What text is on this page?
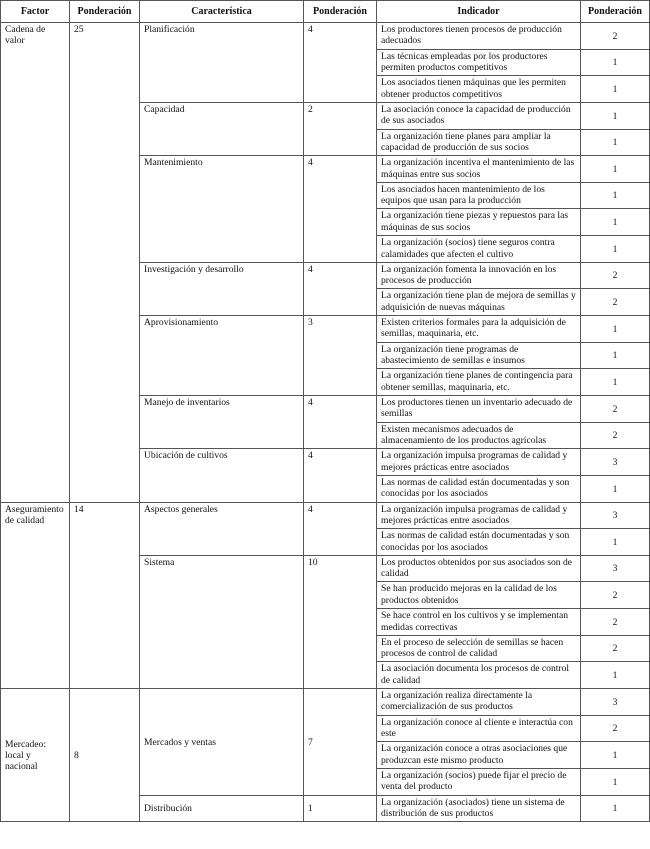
Factor	Ponderación	Característica	Ponderación	Indicador	Ponderación
Cadena de valor	25	Planificación	4	Los productores tienen procesos de producción adecuados	2
				Las técnicas empleadas por los productores permiten productos competitivos	1
				Los asociados tienen máquinas que les permiten obtener productos competitivos	1
		Capacidad	2	La asociación conoce la capacidad de producción de sus asociados	1
				La organización tiene planes para ampliar la capacidad de producción de sus socios	1
		Mantenimiento	4	La organización incentiva el mantenimiento de las máquinas entre sus socios	1
				Los asociados hacen mantenimiento de los equipos que usan para la producción	1
				La organización tiene piezas y repuestos para las máquinas de sus socios	1
				La organización (socios) tiene seguros contra calamidades que afecten el cultivo	1
		Investigación y desarrollo	4	La organización fomenta la innovación en los procesos de producción	2
				La organización tiene plan de mejora de semillas y adquisición de nuevas máquinas	2
		Aprovisionamiento	3	Existen criterios formales para la adquisición de semillas, maquinaria, etc.	1
				La organización tiene programas de abastecimiento de semillas e insumos	1
				La organización tiene planes de contingencia para obtener semillas, maquinaria, etc.	1
		Manejo de inventarios	4	Los productores tienen un inventario adecuado de semillas	2
				Existen mecanismos adecuados de almacenamiento de los productos agrícolas	2
		Ubicación de cultivos	4	La organización impulsa programas de calidad y mejores prácticas entre asociados	3
				Las normas de calidad están documentadas y son conocidas por los asociados	1
Aseguramiento de calidad	14	Aspectos generales	4	La organización impulsa programas de calidad y mejores prácticas entre asociados	3
				Las normas de calidad están documentadas y son conocidas por los asociados	1
		Sistema	10	Los productos obtenidos por sus asociados son de calidad	3
				Se han producido mejoras en la calidad de los productos obtenidos	2
				Se hace control en los cultivos y se implementan medidas correctivas	2
				En el proceso de selección de semillas se hacen procesos de control de calidad	2
				La asociación documenta los procesos de control de calidad	1
Mercadeo: local y nacional	8	Mercados y ventas	7	La organización realiza directamente la comercialización de sus productos	3
				La organización conoce al cliente e interactúa con este	2
				La organización conoce a otras asociaciones que produzcan este mismo producto	1
				La organización (socios) puede fijar el precio de venta del producto	1
		Distribución	1	La organización (asociados) tiene un sistema de distribución de sus productos	1
